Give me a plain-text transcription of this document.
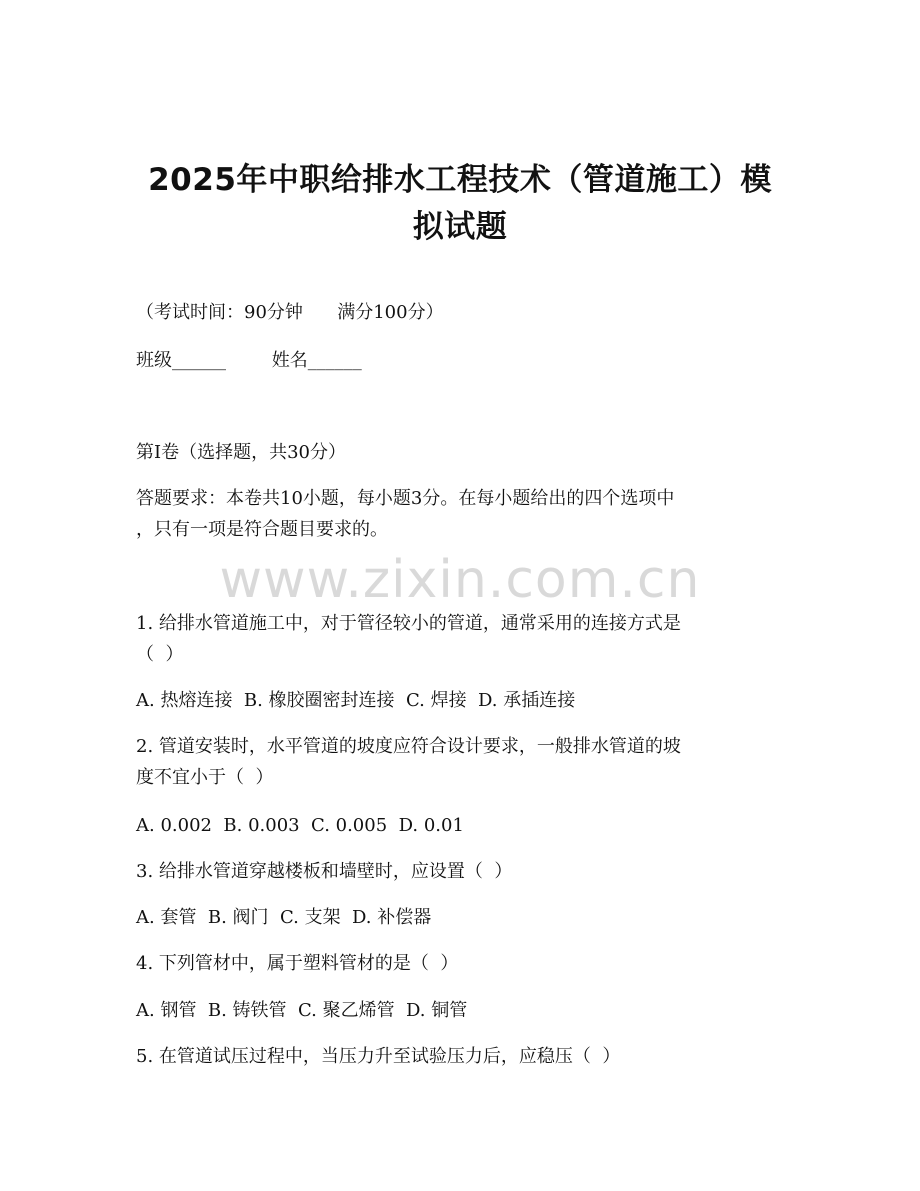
2025年中职给排水工程技术（管道施工）模
拟试题
（考试时间：90分钟      满分100分）
班级______        姓名______
第I卷（选择题，共30分）
答题要求：本卷共10小题，每小题3分。在每小题给出的四个选项中
，只有一项是符合题目要求的。
www.zixin.com.cn
1. 给排水管道施工中，对于管径较小的管道，通常采用的连接方式是
（  ）
A. 热熔连接  B. 橡胶圈密封连接  C. 焊接  D. 承插连接
2. 管道安装时，水平管道的坡度应符合设计要求，一般排水管道的坡
度不宜小于（  ）
A. 0.002  B. 0.003  C. 0.005  D. 0.01
3. 给排水管道穿越楼板和墙壁时，应设置（  ）
A. 套管  B. 阀门  C. 支架  D. 补偿器
4. 下列管材中，属于塑料管材的是（  ）
A. 钢管  B. 铸铁管  C. 聚乙烯管  D. 铜管
5. 在管道试压过程中，当压力升至试验压力后，应稳压（  ）
